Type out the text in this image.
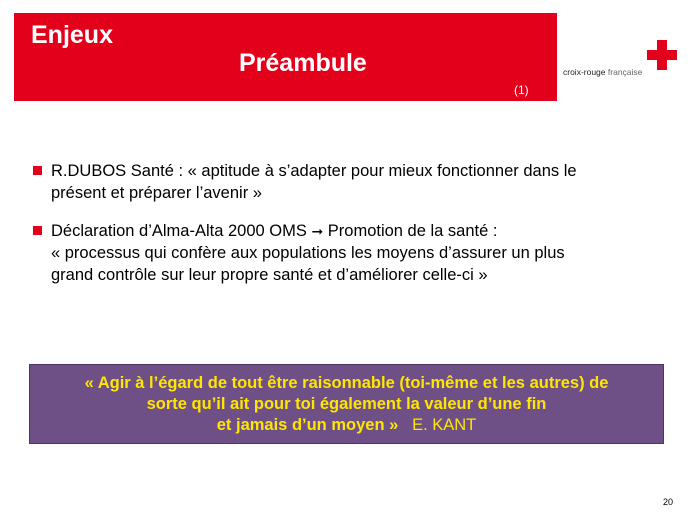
Enjeux
Préambule
(1)
croix-rouge française
R.DUBOS Santé : « aptitude à s’adapter pour mieux fonctionner dans le
présent et préparer l’avenir »
Déclaration d’Alma-Alta 2000 OMS ➞ Promotion de la santé :
« processus qui confère aux populations les moyens d’assurer un plus
grand contrôle sur leur propre santé et d’améliorer celle-ci »
« Agir à l’égard de tout être raisonnable (toi-même et les autres) de
sorte qu’il ait pour toi également la valeur d’une fin
et jamais d’un moyen » E. KANT
20
